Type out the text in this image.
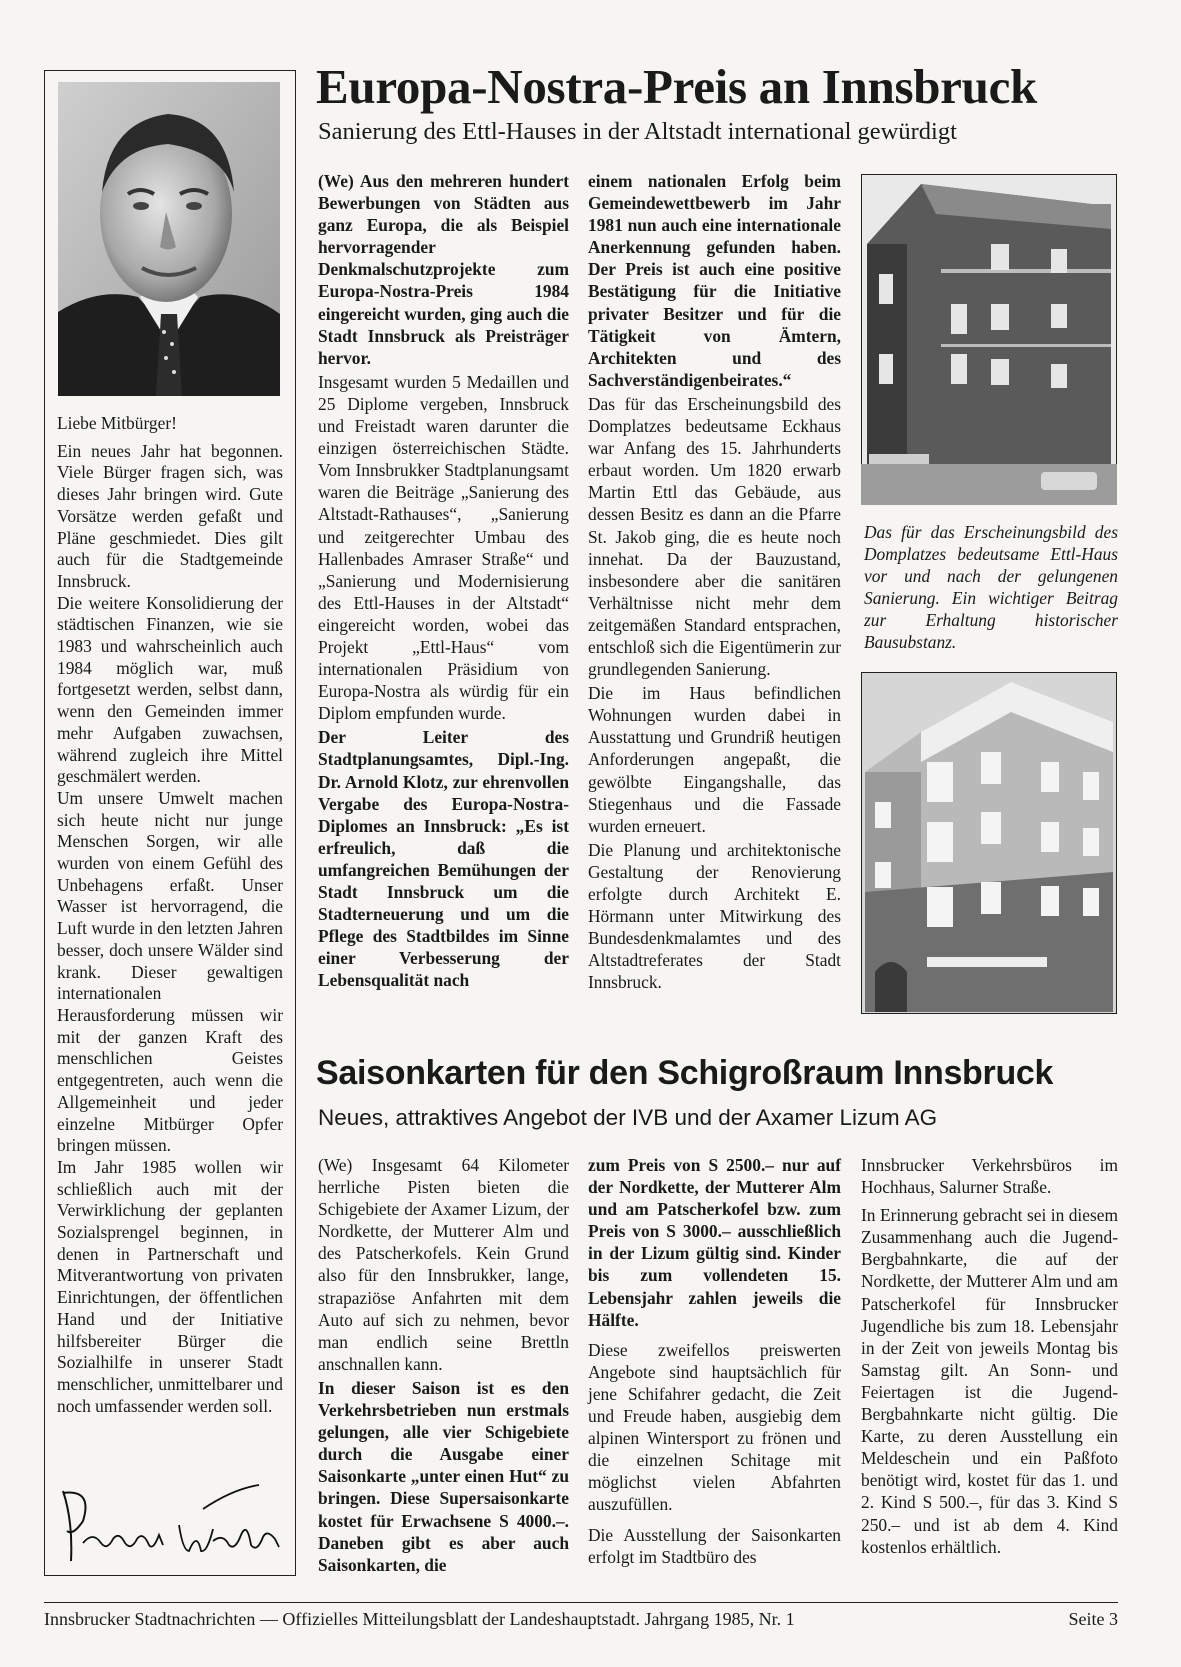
Liebe Mitbürger!

Ein neues Jahr hat begonnen. Viele Bürger fragen sich, was dieses Jahr bringen wird. Gute Vorsätze werden gefaßt und Pläne geschmiedet. Dies gilt auch für die Stadtgemeinde Innsbruck.

Die weitere Konsolidierung der städtischen Finanzen, wie sie 1983 und wahrscheinlich auch 1984 möglich war, muß fortgesetzt werden, selbst dann, wenn den Gemeinden immer mehr Aufgaben zuwachsen, während zugleich ihre Mittel geschmälert werden.

Um unsere Umwelt machen sich heute nicht nur junge Menschen Sorgen, wir alle wurden von einem Gefühl des Unbehagens erfaßt. Unser Wasser ist hervorragend, die Luft wurde in den letzten Jahren besser, doch unsere Wälder sind krank. Dieser gewaltigen internationalen Herausforderung müssen wir mit der ganzen Kraft des menschlichen Geistes entgegentreten, auch wenn die Allgemeinheit und jeder einzelne Mitbürger Opfer bringen müssen.

Im Jahr 1985 wollen wir schließlich auch mit der Verwirklichung der geplanten Sozialsprengel beginnen, in denen in Partnerschaft und Mitverantwortung von privaten Einrichtungen, der öffentlichen Hand und der Initiative hilfsbereiter Bürger die Sozialhilfe in unserer Stadt menschlicher, unmittelbarer und noch umfassender werden soll.

Europa-Nostra-Preis an Innsbruck
Sanierung des Ettl-Hauses in der Altstadt international gewürdigt

(We) Aus den mehreren hundert Bewerbungen von Städten aus ganz Europa, die als Beispiel hervorragender Denkmalschutzprojekte zum Europa-Nostra-Preis 1984 eingereicht wurden, ging auch die Stadt Innsbruck als Preisträger hervor.

Insgesamt wurden 5 Medaillen und 25 Diplome vergeben, Innsbruck und Freistadt waren darunter die einzigen österreichischen Städte. Vom Innsbrukker Stadtplanungsamt waren die Beiträge „Sanierung des Altstadt-Rathauses“, „Sanierung und zeitgerechter Umbau des Hallenbades Amraser Straße“ und „Sanierung und Modernisierung des Ettl-Hauses in der Altstadt“ eingereicht worden, wobei das Projekt „Ettl-Haus“ vom internationalen Präsidium von Europa-Nostra als würdig für ein Diplom empfunden wurde.

Der Leiter des Stadtplanungsamtes, Dipl.-Ing. Dr. Arnold Klotz, zur ehrenvollen Vergabe des Europa-Nostra-Diplomes an Innsbruck: „Es ist erfreulich, daß die umfangreichen Bemühungen der Stadt Innsbruck um die Stadterneuerung und um die Pflege des Stadtbildes im Sinne einer Verbesserung der Lebensqualität nach

einem nationalen Erfolg beim Gemeindewettbewerb im Jahr 1981 nun auch eine internationale Anerkennung gefunden haben. Der Preis ist auch eine positive Bestätigung für die Initiative privater Besitzer und für die Tätigkeit von Ämtern, Architekten und des Sachverständigenbeirates.“

Das für das Erscheinungsbild des Domplatzes bedeutsame Eckhaus war Anfang des 15. Jahrhunderts erbaut worden. Um 1820 erwarb Martin Ettl das Gebäude, aus dessen Besitz es dann an die Pfarre St. Jakob ging, die es heute noch innehat. Da der Bauzustand, insbesondere aber die sanitären Verhältnisse nicht mehr dem zeitgemäßen Standard entsprachen, entschloß sich die Eigentümerin zur grundlegenden Sanierung.

Die im Haus befindlichen Wohnungen wurden dabei in Ausstattung und Grundriß heutigen Anforderungen angepaßt, die gewölbte Eingangshalle, das Stiegenhaus und die Fassade wurden erneuert.

Die Planung und architektonische Gestaltung der Renovierung erfolgte durch Architekt E. Hörmann unter Mitwirkung des Bundesdenkmalamtes und des Altstadtreferates der Stadt Innsbruck.

Das für das Erscheinungsbild des Domplatzes bedeutsame Ettl-Haus vor und nach der gelungenen Sanierung. Ein wichtiger Beitrag zur Erhaltung historischer Bausubstanz.
Saisonkarten für den Schigroßraum Innsbruck
Neues, attraktives Angebot der IVB und der Axamer Lizum AG

(We) Insgesamt 64 Kilometer herrliche Pisten bieten die Schigebiete der Axamer Lizum, der Nordkette, der Mutterer Alm und des Patscherkofels. Kein Grund also für den Innsbrukker, lange, strapaziöse Anfahrten mit dem Auto auf sich zu nehmen, bevor man endlich seine Brettln anschnallen kann.

In dieser Saison ist es den Verkehrsbetrieben nun erstmals gelungen, alle vier Schigebiete durch die Ausgabe einer Saisonkarte „unter einen Hut“ zu bringen. Diese Supersaisonkarte kostet für Erwachsene S 4000.–. Daneben gibt es aber auch Saisonkarten, die

zum Preis von S 2500.– nur auf der Nordkette, der Mutterer Alm und am Patscherkofel bzw. zum Preis von S 3000.– ausschließlich in der Lizum gültig sind. Kinder bis zum vollendeten 15. Lebensjahr zahlen jeweils die Hälfte.

Diese zweifellos preiswerten Angebote sind hauptsächlich für jene Schifahrer gedacht, die Zeit und Freude haben, ausgiebig dem alpinen Wintersport zu frönen und die einzelnen Schitage mit möglichst vielen Abfahrten auszufüllen.

Die Ausstellung der Saisonkarten erfolgt im Stadtbüro des

Innsbrucker Verkehrsbüros im Hochhaus, Salurner Straße.

In Erinnerung gebracht sei in diesem Zusammenhang auch die Jugend-Bergbahnkarte, die auf der Nordkette, der Mutterer Alm und am Patscherkofel für Innsbrucker Jugendliche bis zum 18. Lebensjahr in der Zeit von jeweils Montag bis Samstag gilt. An Sonn- und Feiertagen ist die Jugend-Bergbahnkarte nicht gültig. Die Karte, zu deren Ausstellung ein Meldeschein und ein Paßfoto benötigt wird, kostet für das 1. und 2. Kind S 500.–, für das 3. Kind S 250.– und ist ab dem 4. Kind kostenlos erhältlich.

Innsbrucker Stadtnachrichten — Offizielles Mitteilungsblatt der Landeshauptstadt. Jahrgang 1985, Nr. 1	Seite 3
